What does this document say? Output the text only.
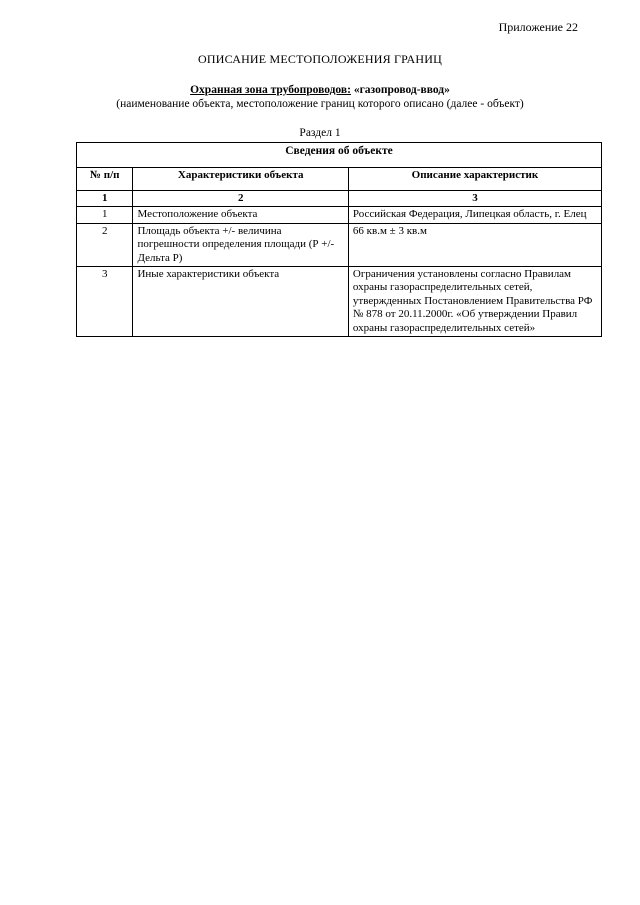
Приложение 22
ОПИСАНИЕ МЕСТОПОЛОЖЕНИЯ ГРАНИЦ
Охранная зона трубопроводов: «газопровод-ввод»
(наименование объекта, местоположение границ которого описано (далее - объект)
Раздел 1
Сведения об объекте		
№ п/п	Характеристики объекта	Описание характеристик
1	2	3
1	Местоположение объекта	Российская Федерация, Липецкая область, г. Елец
2	Площадь объекта +/- величина погрешности определения площади (Р +/- Дельта Р)	66 кв.м ± 3 кв.м
3	Иные характеристики объекта	Ограничения установлены согласно Правилам охраны газораспределительных сетей, утвержденных Постановлением Правительства РФ № 878 от 20.11.2000г. «Об утверждении Правил охраны газораспределительных сетей»
